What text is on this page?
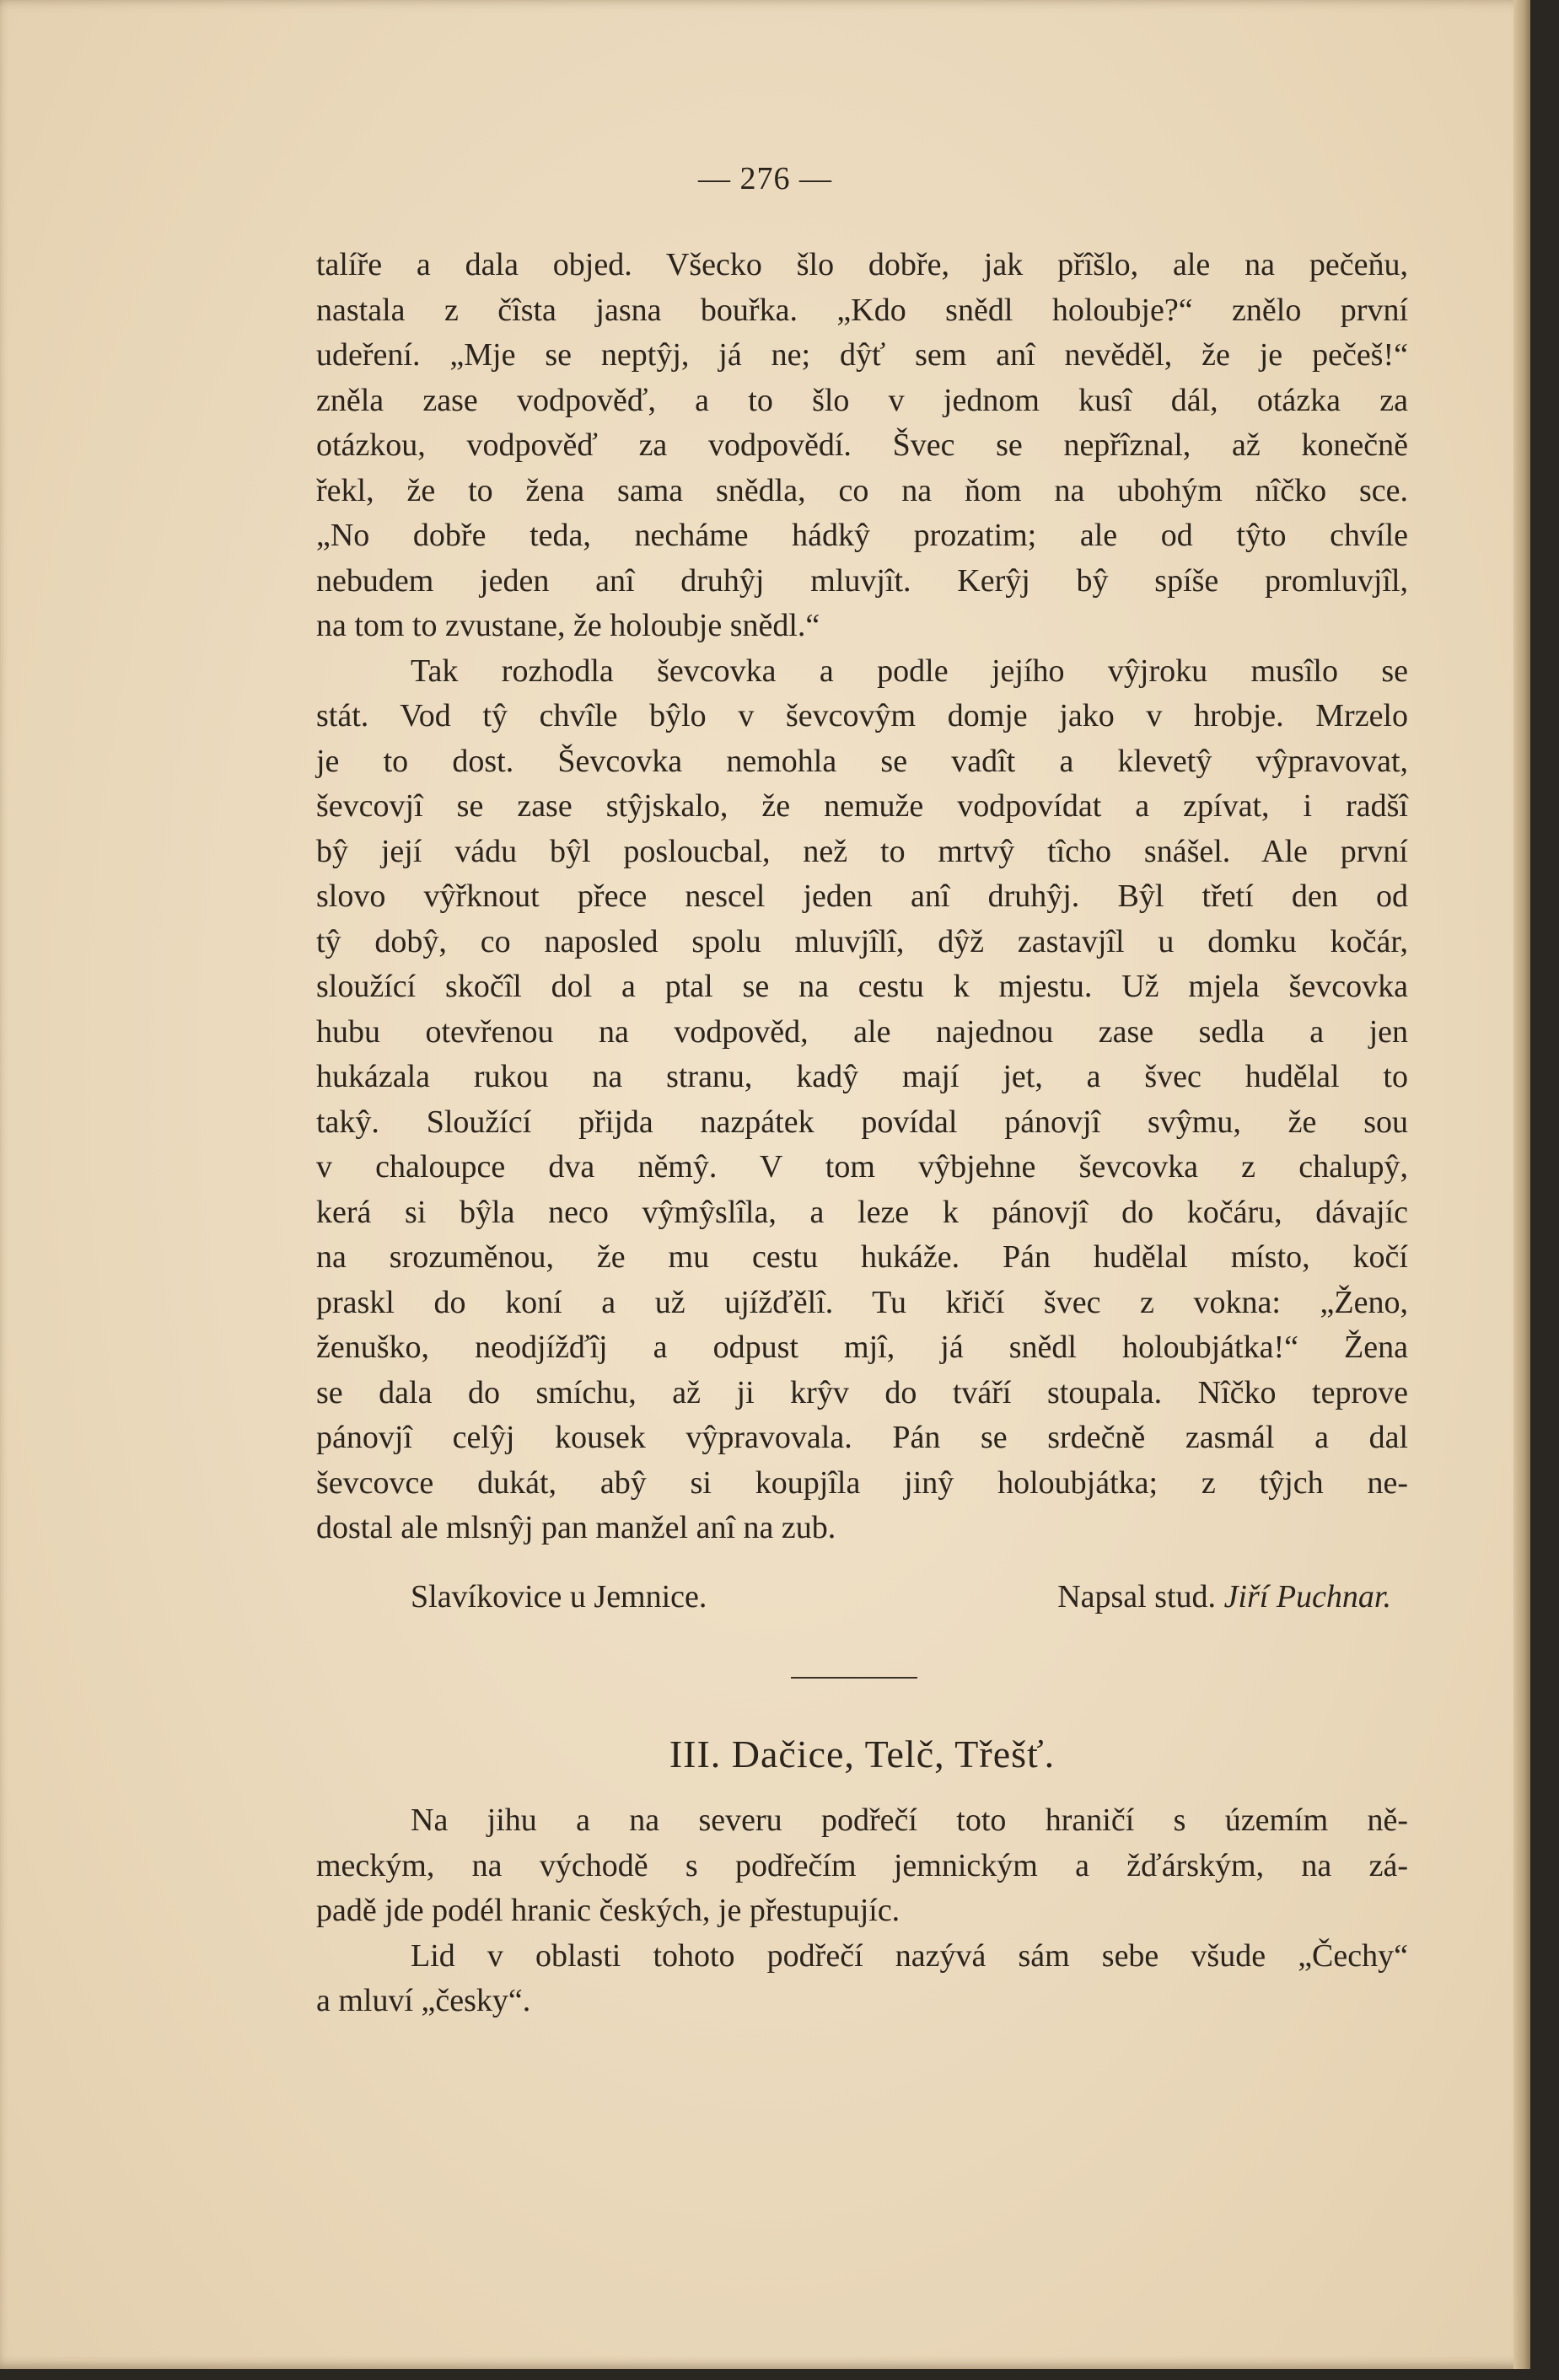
— 276 —
talíře a dala objed. Všecko šlo dobře, jak přîšlo, ale na pečeňu,
nastala z čîsta jasna bouřka. „Kdo snědl holoubje?“ znělo první
udeření. „Mje se neptŷj, já ne; dŷť sem anî nevěděl, že je pečeš!“
zněla zase vodpověď, a to šlo v jednom kusî dál, otázka za
otázkou, vodpověď za vodpovědí. Švec se nepřîznal, až konečně
řekl, že to žena sama snědla, co na ňom na ubohým nîčko sce.
„No dobře teda, necháme hádkŷ prozatim; ale od tŷto chvíle
nebudem jeden anî druhŷj mluvjît. Kerŷj bŷ spíše promluvjîl,
na tom to zvustane, že holoubje snědl.“
Tak rozhodla ševcovka a podle jejího vŷjroku musîlo se
stát. Vod tŷ chvîle bŷlo v ševcovŷm domje jako v hrobje. Mrzelo
je to dost. Ševcovka nemohla se vadît a klevetŷ vŷpravovat,
ševcovjî se zase stŷjskalo, že nemuže vodpovídat a zpívat, i radšî
bŷ její vádu bŷl posloucbal, než to mrtvŷ tîcho snášel. Ale první
slovo vŷřknout přece nescel jeden anî druhŷj. Bŷl třetí den od
tŷ dobŷ, co naposled spolu mluvjîlî, dŷž zastavjîl u domku kočár,
sloužící skočîl dol a ptal se na cestu k mjestu. Už mjela ševcovka
hubu otevřenou na vodpověd, ale najednou zase sedla a jen
hukázala rukou na stranu, kadŷ mají jet, a švec hudělal to
takŷ. Sloužící přijda nazpátek povídal pánovjî svŷmu, že sou
v chaloupce dva němŷ. V tom vŷbjehne ševcovka z chalupŷ,
kerá si bŷla neco vŷmŷslîla, a leze k pánovjî do kočáru, dávajíc
na srozuměnou, že mu cestu hukáže. Pán hudělal místo, kočí
praskl do koní a už ujížďělî. Tu křičí švec z vokna: „Ženo,
ženuško, neodjížďîj a odpust mjî, já snědl holoubjátka!“ Žena
se dala do smíchu, až ji krŷv do tváří stoupala. Nîčko teprove
pánovjî celŷj kousek vŷpravovala. Pán se srdečně zasmál a dal
ševcovce dukát, abŷ si koupjîla jinŷ holoubjátka; z tŷjch ne-
dostal ale mlsnŷj pan manžel anî na zub.
Slavíkovice u Jemnice.	Napsal stud. Jiří Puchnar.
III. Dačice, Telč, Třešť.
Na jihu a na severu podřečí toto hraničí s územím ně-
meckým, na východě s podřečím jemnickým a žďárským, na zá-
padě jde podél hranic českých, je přestupujíc.
Lid v oblasti tohoto podřečí nazývá sám sebe všude „Čechy“
a mluví „česky“.
